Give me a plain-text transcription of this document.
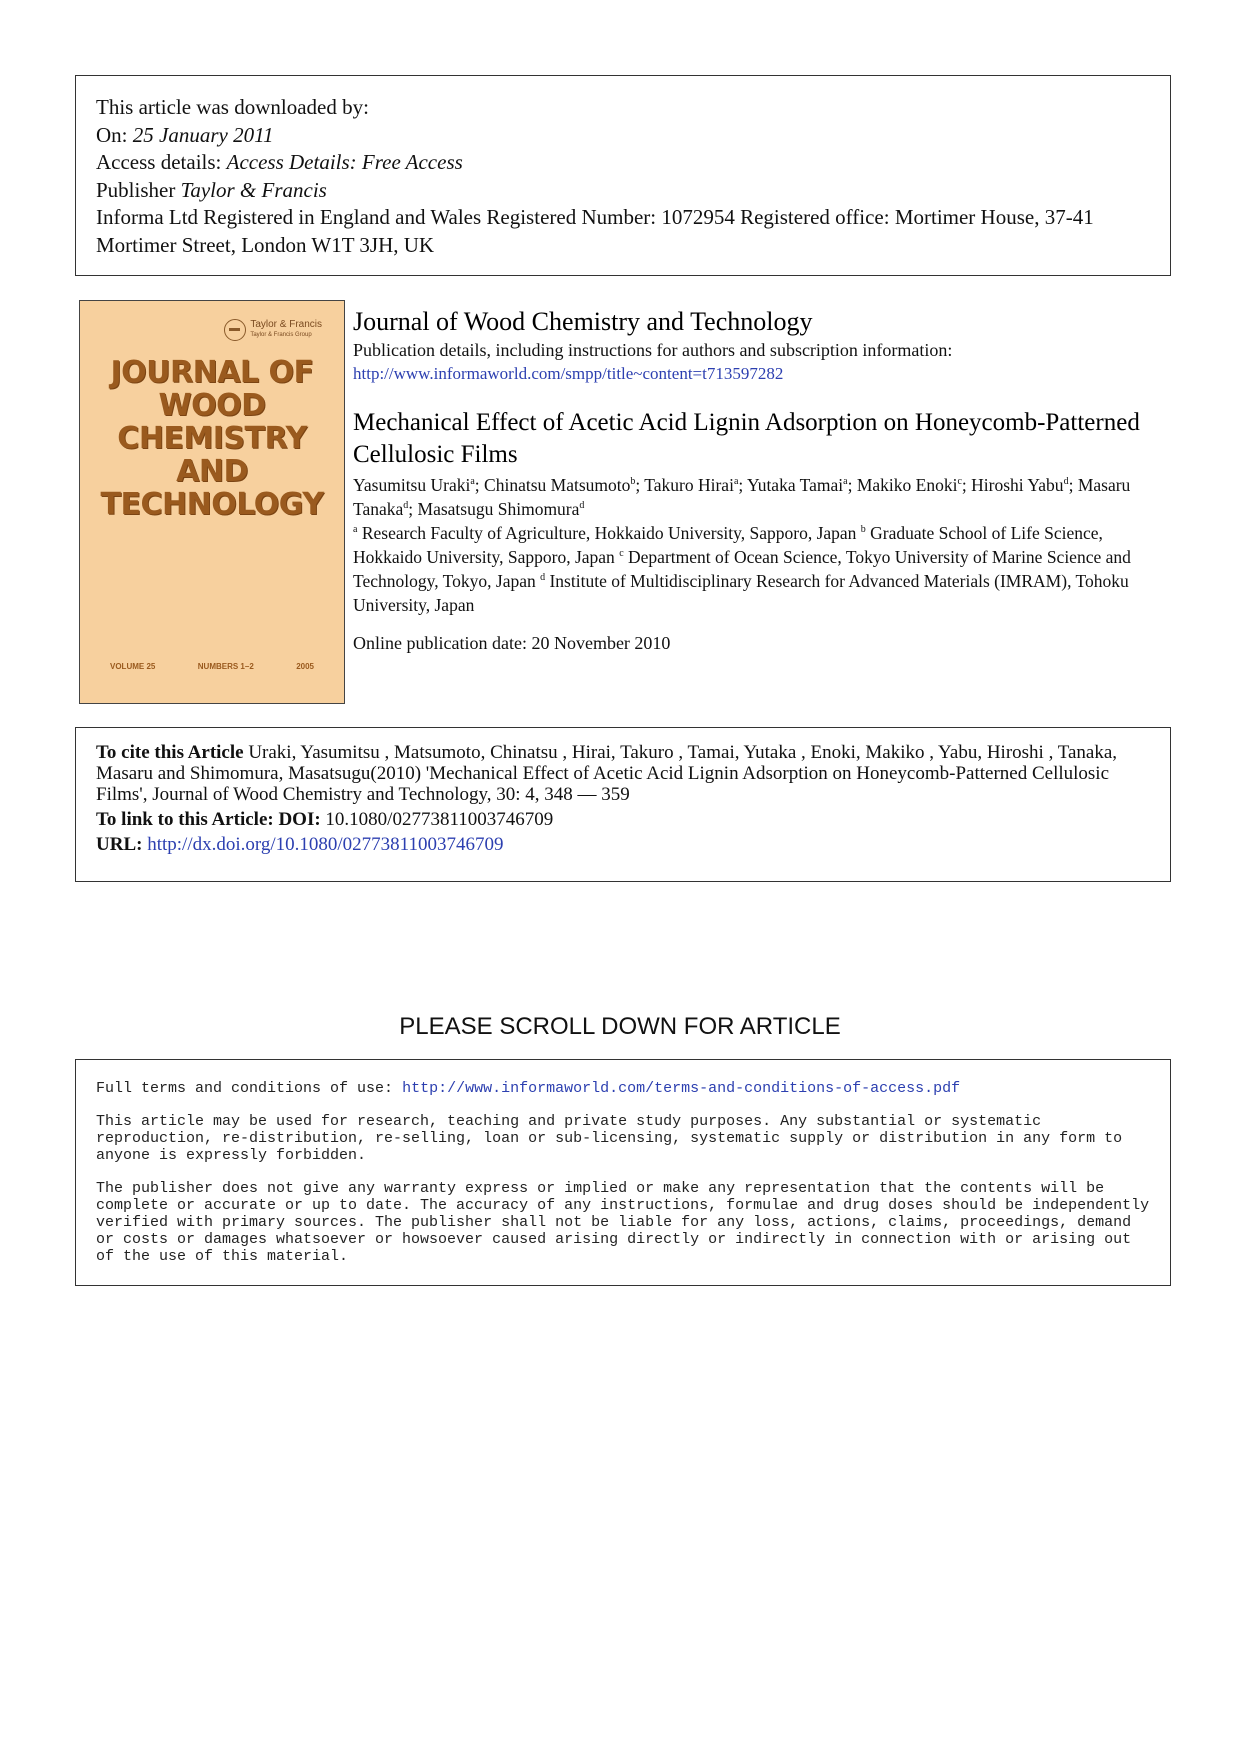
This article was downloaded by:
On: 25 January 2011
Access details: Access Details: Free Access
Publisher Taylor & Francis
Informa Ltd Registered in England and Wales Registered Number: 1072954 Registered office: Mortimer House, 37-41 Mortimer Street, London W1T 3JH, UK
Taylor & Francis
Taylor & Francis Group
JOURNAL OF
WOOD
CHEMISTRY
AND
TECHNOLOGY
VOLUME 25	NUMBERS 1–2	2005
Journal of Wood Chemistry and Technology
Publication details, including instructions for authors and subscription information:
http://www.informaworld.com/smpp/title~content=t713597282
Mechanical Effect of Acetic Acid Lignin Adsorption on Honeycomb-Patterned Cellulosic Films
Yasumitsu Uraki$^a$; Chinatsu Matsumoto$^b$; Takuro Hirai$^a$; Yutaka Tamai$^a$; Makiko Enoki$^c$; Hiroshi Yabu$^d$; Masaru Tanaka$^d$; Masatsugu Shimomura$^d$
$^a$ Research Faculty of Agriculture, Hokkaido University, Sapporo, Japan $^b$ Graduate School of Life Science, Hokkaido University, Sapporo, Japan $^c$ Department of Ocean Science, Tokyo University of Marine Science and Technology, Tokyo, Japan $^d$ Institute of Multidisciplinary Research for Advanced Materials (IMRAM), Tohoku University, Japan
Online publication date: 20 November 2010
To cite this Article Uraki, Yasumitsu , Matsumoto, Chinatsu , Hirai, Takuro , Tamai, Yutaka , Enoki, Makiko , Yabu, Hiroshi , Tanaka, Masaru and Shimomura, Masatsugu(2010) 'Mechanical Effect of Acetic Acid Lignin Adsorption on Honeycomb-Patterned Cellulosic Films', Journal of Wood Chemistry and Technology, 30: 4, 348 — 359
To link to this Article: DOI: 10.1080/02773811003746709
URL: http://dx.doi.org/10.1080/02773811003746709
PLEASE SCROLL DOWN FOR ARTICLE

Full terms and conditions of use: http://www.informaworld.com/terms-and-conditions-of-access.pdf

This article may be used for research, teaching and private study purposes. Any substantial or systematic reproduction, re-distribution, re-selling, loan or sub-licensing, systematic supply or distribution in any form to anyone is expressly forbidden.

The publisher does not give any warranty express or implied or make any representation that the contents will be complete or accurate or up to date. The accuracy of any instructions, formulae and drug doses should be independently verified with primary sources. The publisher shall not be liable for any loss, actions, claims, proceedings, demand or costs or damages whatsoever or howsoever caused arising directly or indirectly in connection with or arising out of the use of this material.
